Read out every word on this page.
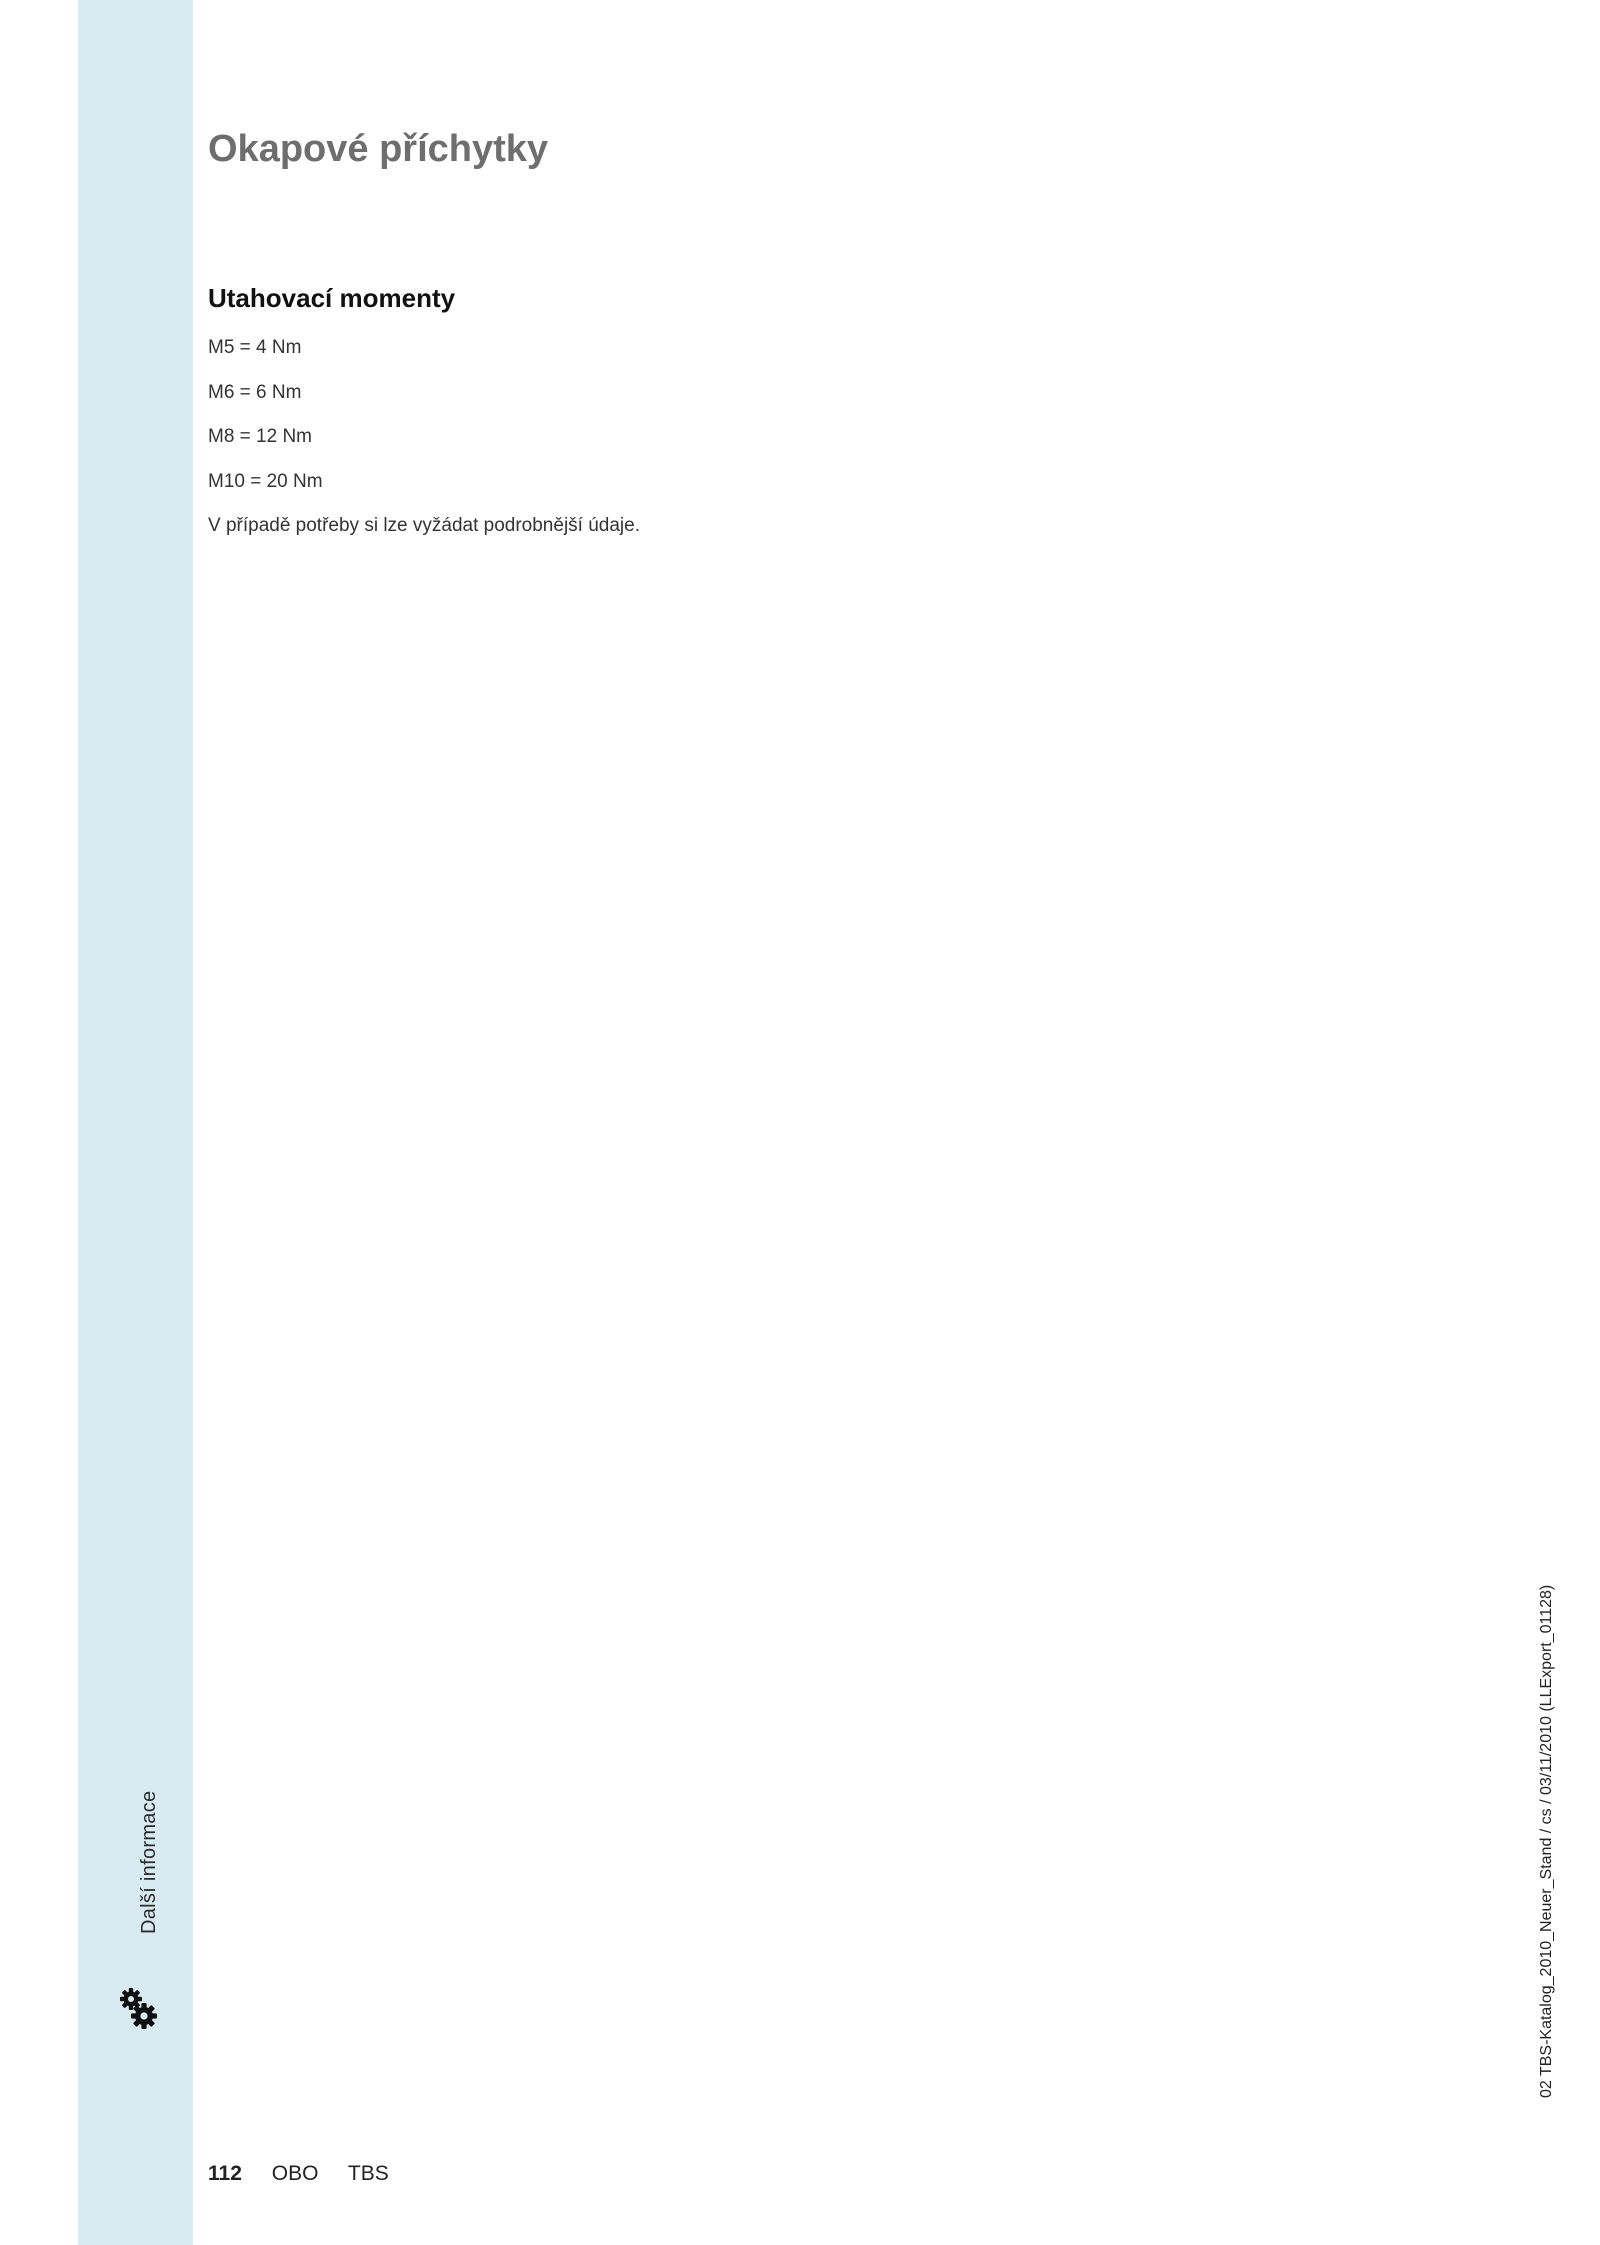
Další informace
Okapové příchytky
Utahovací momenty
M5 = 4 Nm
M6 = 6 Nm
M8 = 12 Nm
M10 = 20 Nm
V případě potřeby si lze vyžádat podrobnější údaje.
112 OBO TBS
02 TBS-Katalog_2010_Neuer_Stand / cs / 03/11/2010 (LLExport_01128)
